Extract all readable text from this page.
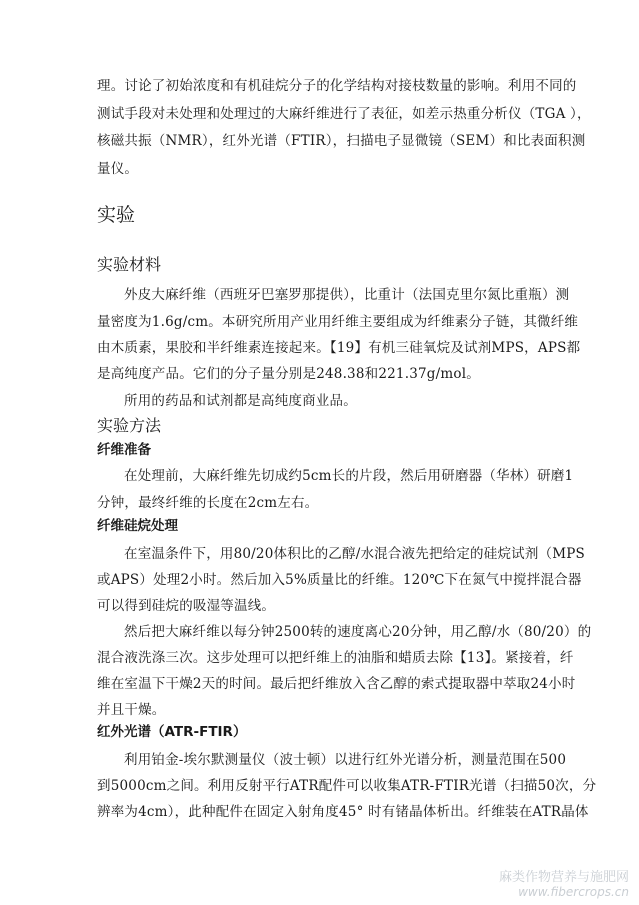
理。讨论了初始浓度和有机硅烷分子的化学结构对接枝数量的影响。利用不同的
测试手段对未处理和处理过的大麻纤维进行了表征，如差示热重分析仪（TGA ），
核磁共振（NMR），红外光谱（FTIR），扫描电子显微镜（SEM）和比表面积测
量仪。
实验
实验材料
外皮大麻纤维（西班牙巴塞罗那提供），比重计（法国克里尔氮比重瓶）测
量密度为1.6g/cm。本研究所用产业用纤维主要组成为纤维素分子链，其微纤维
由木质素，果胶和半纤维素连接起来。【19】有机三硅氧烷及试剂MPS，APS都
是高纯度产品。它们的分子量分别是248.38和221.37g/mol。
所用的药品和试剂都是高纯度商业品。
实验方法
纤维准备
在处理前，大麻纤维先切成约5cm长的片段，然后用研磨器（华林）研磨1
分钟，最终纤维的长度在2cm左右。
纤维硅烷处理
在室温条件下，用80/20体积比的乙醇/水混合液先把给定的硅烷试剂（MPS
或APS）处理2小时。然后加入5%质量比的纤维。120℃下在氮气中搅拌混合器
可以得到硅烷的吸湿等温线。
然后把大麻纤维以每分钟2500转的速度离心20分钟，用乙醇/水（80/20）的
混合液洗涤三次。这步处理可以把纤维上的油脂和蜡质去除【13】。紧接着，纤
维在室温下干燥2天的时间。最后把纤维放入含乙醇的索式提取器中萃取24小时
并且干燥。
红外光谱（ATR-FTIR）
利用铂金-埃尔默测量仪（波士顿）以进行红外光谱分析，测量范围在500
到5000cm之间。利用反射平行ATR配件可以收集ATR-FTIR光谱（扫描50次，分
辨率为4cm），此种配件在固定入射角度45° 时有锗晶体析出。纤维装在ATR晶体
麻类作物营养与施肥网
www.fibercrops.cn
